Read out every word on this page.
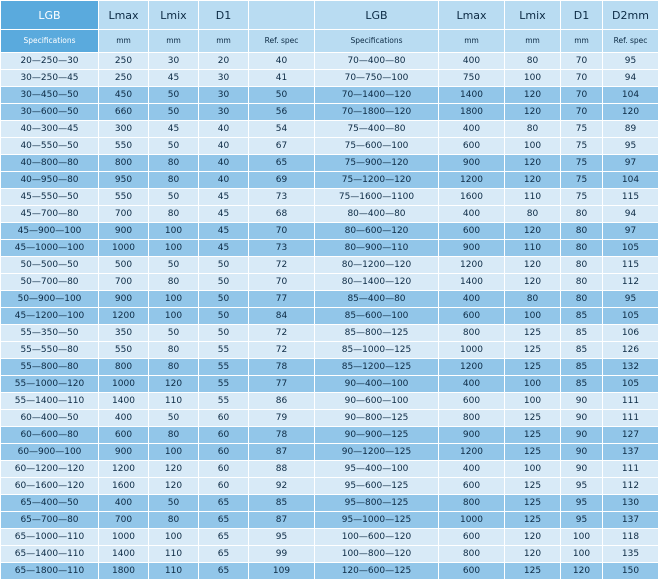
LGB	Lmax	Lmix	D1		LGB	Lmax	Lmix	D1	D2mm
Specifications	mm	mm	mm	Ref. spec	Specifications	mm	mm	mm	Ref. spec
20—250—30	250	30	20	40	70—400—80	400	80	70	95
30—250—45	250	45	30	41	70—750—100	750	100	70	94
30—450—50	450	50	30	50	70—1400—120	1400	120	70	104
30—600—50	660	50	30	56	70—1800—120	1800	120	70	120
40—300—45	300	45	40	54	75—400—80	400	80	75	89
40—550—50	550	50	40	67	75—600—100	600	100	75	95
40—800—80	800	80	40	65	75—900—120	900	120	75	97
40—950—80	950	80	40	69	75—1200—120	1200	120	75	104
45—550—50	550	50	45	73	75—1600—1100	1600	110	75	115
45—700—80	700	80	45	68	80—400—80	400	80	80	94
45—900—100	900	100	45	70	80—600—120	600	120	80	97
45—1000—100	1000	100	45	73	80—900—110	900	110	80	105
50—500—50	500	50	50	72	80—1200—120	1200	120	80	115
50—700—80	700	80	50	70	80—1400—120	1400	120	80	112
50—900—100	900	100	50	77	85—400—80	400	80	80	95
45—1200—100	1200	100	50	84	85—600—100	600	100	85	105
55—350—50	350	50	50	72	85—800—125	800	125	85	106
55—550—80	550	80	55	72	85—1000—125	1000	125	85	126
55—800—80	800	80	55	78	85—1200—125	1200	125	85	132
55—1000—120	1000	120	55	77	90—400—100	400	100	85	105
55—1400—110	1400	110	55	86	90—600—100	600	100	90	111
60—400—50	400	50	60	79	90—800—125	800	125	90	111
60—600—80	600	80	60	78	90—900—125	900	125	90	127
60—900—100	900	100	60	87	90—1200—125	1200	125	90	137
60—1200—120	1200	120	60	88	95—400—100	400	100	90	111
60—1600—120	1600	120	60	92	95—600—125	600	125	95	112
65—400—50	400	50	65	85	95—800—125	800	125	95	130
65—700—80	700	80	65	87	95—1000—125	1000	125	95	137
65—1000—110	1000	100	65	95	100—600—120	600	120	100	118
65—1400—110	1400	110	65	99	100—800—120	800	120	100	135
65—1800—110	1800	110	65	109	120—600—125	600	125	120	150
